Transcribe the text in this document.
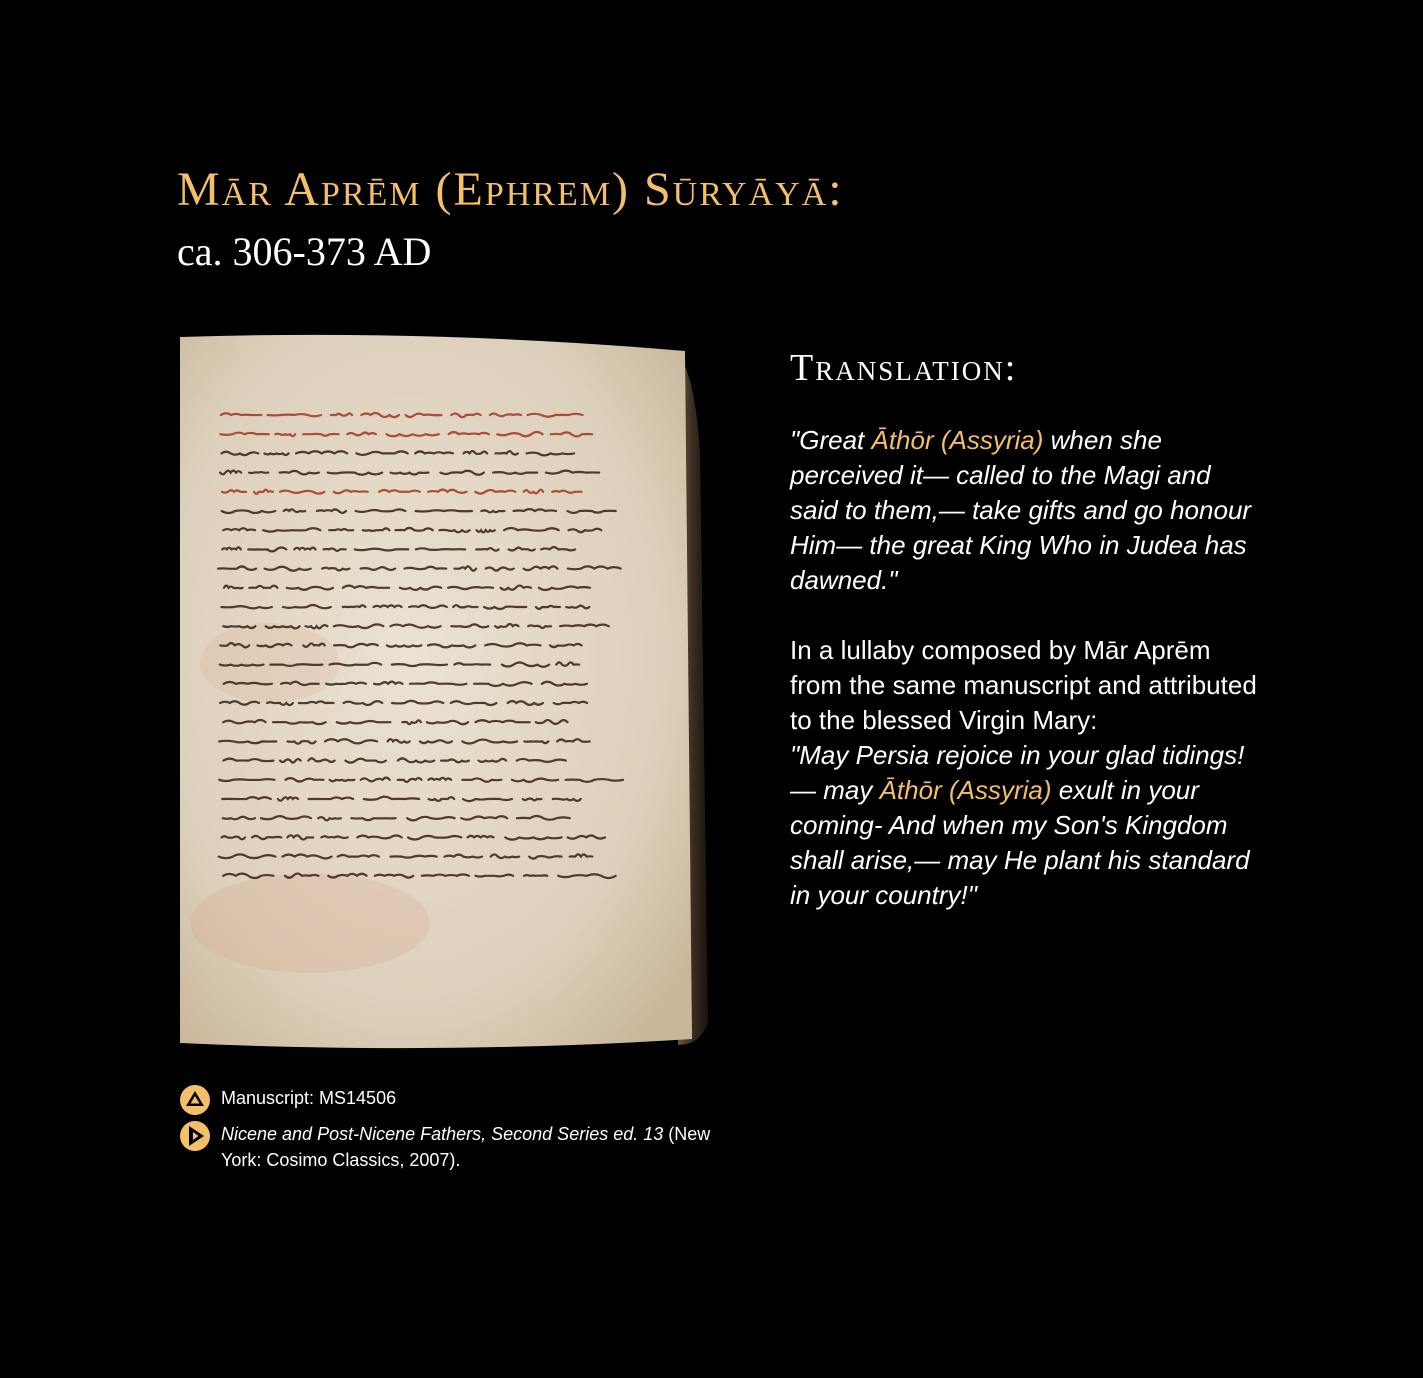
Mār Aprēm (Ephrem) Sūryāyā:
ca. 306-373 AD
Manuscript: MS14506
Nicene and Post-Nicene Fathers, Second Series ed. 13 (New York: Cosimo Classics, 2007).
Translation:

"Great Āthōr (Assyria) when she perceived it— called to the Magi and said to them,— take gifts and go honour Him— the great King Who in Judea has dawned."

In a lullaby composed by Mār Aprēm from the same manuscript and attributed to the blessed Virgin Mary:

"May Persia rejoice in your glad tidings!— may Āthōr (Assyria) exult in your coming- And when my Son's Kingdom shall arise,— may He plant his standard in your country!"
